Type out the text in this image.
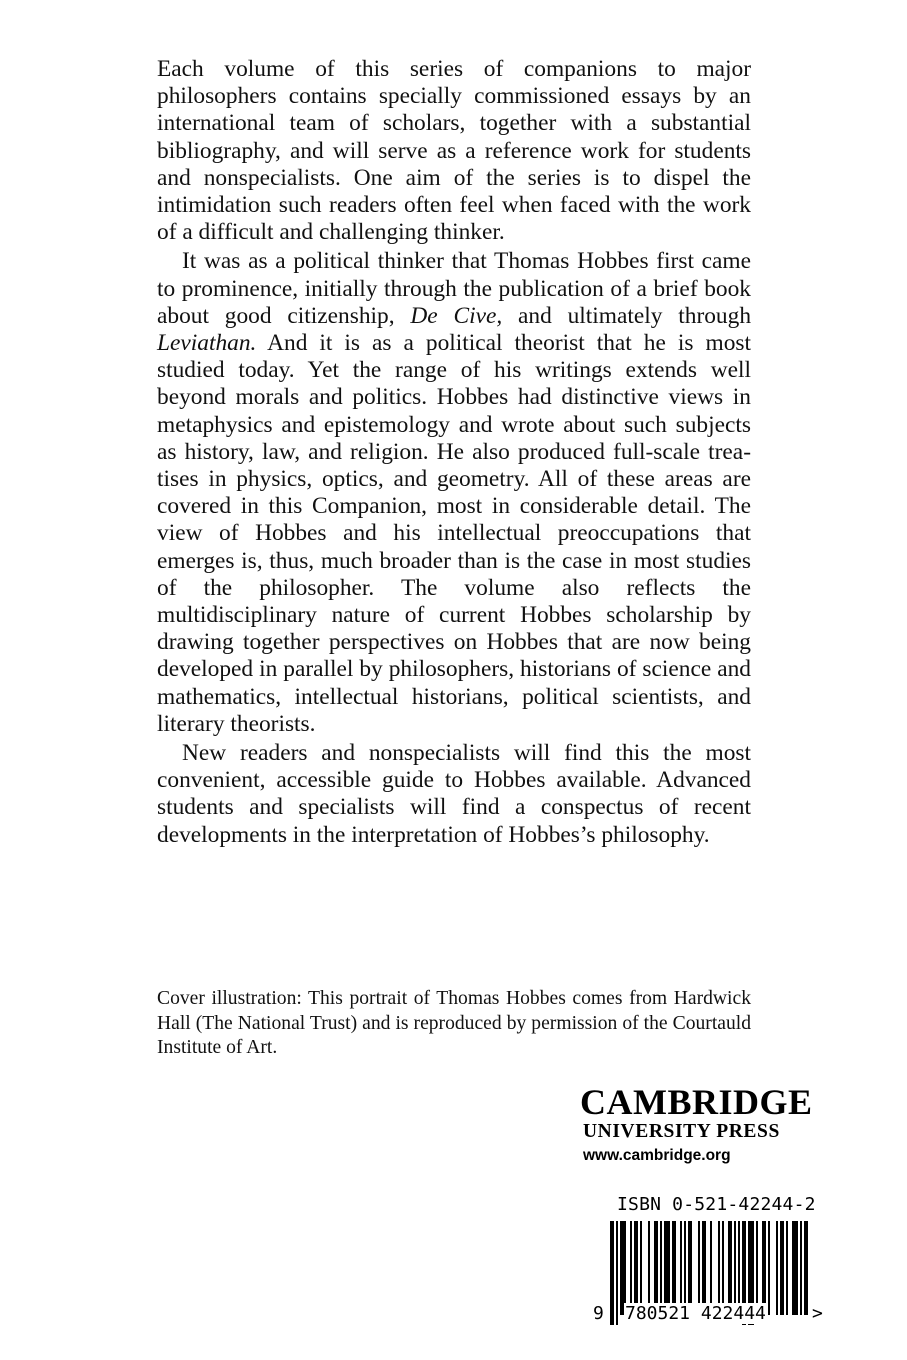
Each volume of this series of companions to major philosophers contains specially commissioned essays by an international team of scholars, together with a substantial bibliography, and will serve as a reference work for students and nonspecialists. One aim of the series is to dispel the intimidation such readers often feel when faced with the work of a difficult and challenging thinker.

It was as a political thinker that Thomas Hobbes first came to prominence, initially through the publication of a brief book about good citizenship, De Cive, and ultimately through Leviathan. And it is as a political theorist that he is most studied today. Yet the range of his writings extends well beyond morals and politics. Hobbes had distinctive views in metaphysics and epistemology and wrote about such subjects as history, law, and religion. He also produced full-scale treatises in physics, optics, and geometry. All of these areas are covered in this Companion, most in considerable detail. The view of Hobbes and his intellectual preoccupations that emerges is, thus, much broader than is the case in most studies of the philosopher. The volume also reflects the multidisciplinary nature of current Hobbes scholarship by drawing together perspectives on Hobbes that are now being developed in parallel by philosophers, historians of science and mathematics, intellectual historians, political scientists, and literary theorists.

New readers and nonspecialists will find this the most convenient, accessible guide to Hobbes available. Advanced students and specialists will find a conspectus of recent developments in the interpretation of Hobbes’s philosophy.

Cover illustration: This portrait of Thomas Hobbes comes from Hardwick Hall (The National Trust) and is reproduced by permission of the Courtauld Institute of Art.

CAMBRIDGE
UNIVERSITY PRESS
www.cambridge.org
ISBN 0-521-42244-2
9 780521 422444	>
